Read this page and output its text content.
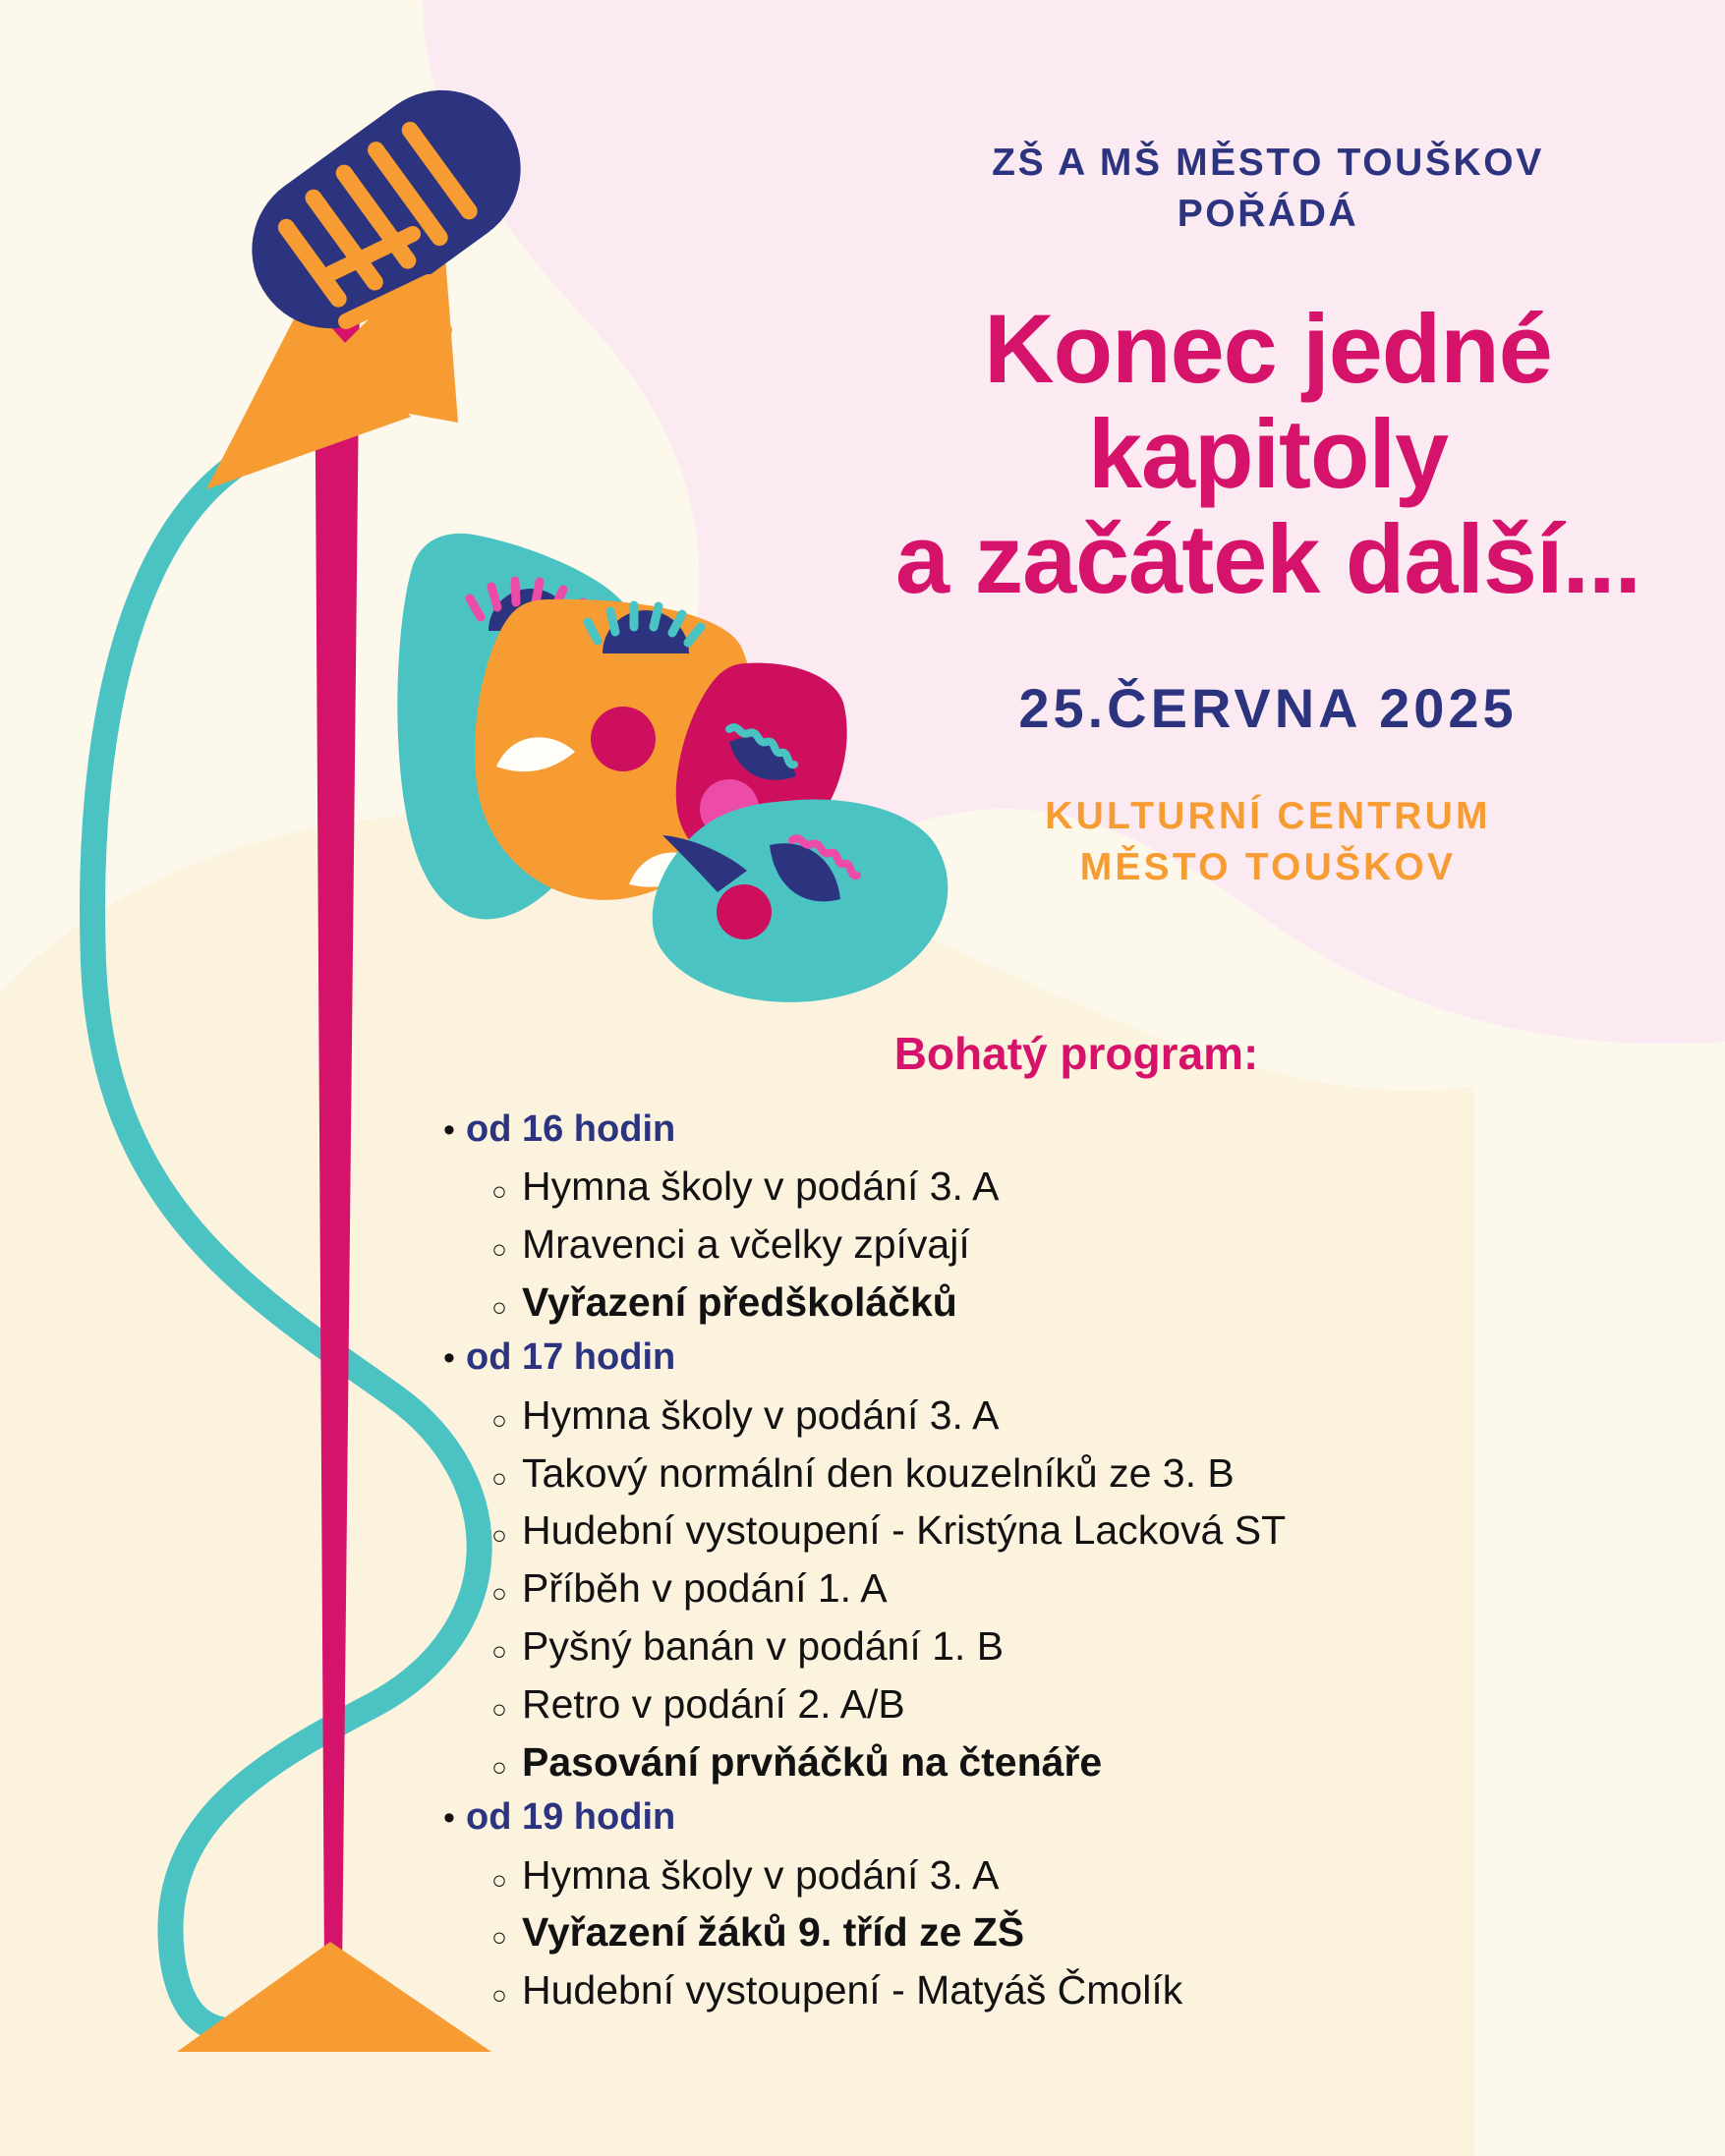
ZŠ A MŠ MĚSTO TOUŠKOV
POŘÁDÁ
Konec jedné kapitoly
a začátek další...
25.ČERVNA 2025
KULTURNÍ CENTRUM
MĚSTO TOUŠKOV
Bohatý program:
• od 16 hodin
○ Hymna školy v podání 3. A
○ Mravenci a včelky zpívají
○ Vyřazení předškoláčků
• od 17 hodin
○ Hymna školy v podání 3. A
○ Takový normální den kouzelníků ze 3. B
○ Hudební vystoupení - Kristýna Lacková ST
○ Příběh v podání 1. A
○ Pyšný banán v podání 1. B
○ Retro v podání 2. A/B
○ Pasování prvňáčků na čtenáře
• od 19 hodin
○ Hymna školy v podání 3. A
○ Vyřazení žáků 9. tříd ze ZŠ
○ Hudební vystoupení - Matyáš Čmolík
